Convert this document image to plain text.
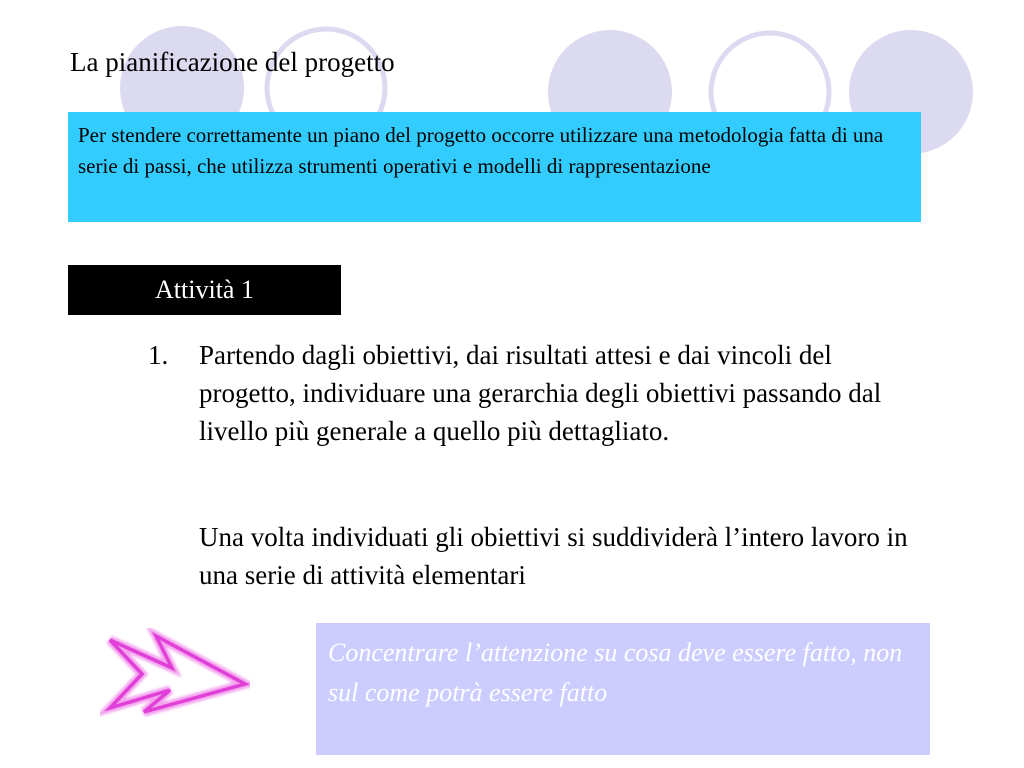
La pianificazione del progetto
Per stendere correttamente un piano del progetto occorre utilizzare una metodologia fatta di una serie di passi, che utilizza strumenti operativi e modelli di rappresentazione
Attività 1
1. Partendo dagli obiettivi, dai risultati attesi e dai vincoli del progetto, individuare una gerarchia degli obiettivi passando dal livello più generale a quello più dettagliato.
Una volta individuati gli obiettivi si suddividerà l’intero lavoro in una serie di attività elementari
Concentrare l’attenzione su cosa deve essere fatto, non sul come potrà essere fatto
